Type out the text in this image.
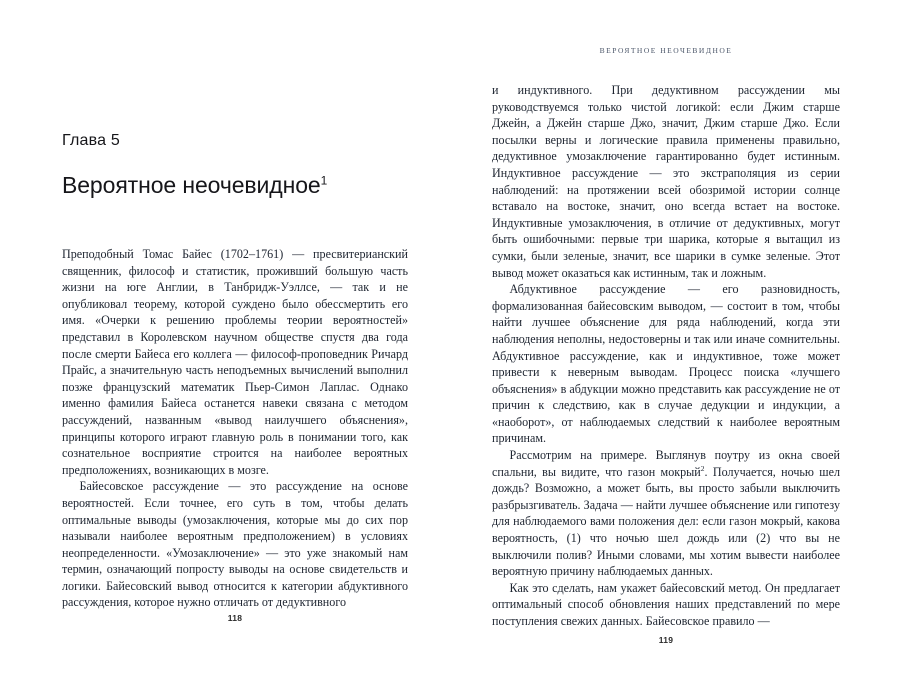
Глава 5
Вероятное неочевидное$^1$

Преподобный Томас Байес (1702–1761) — пресвитерианский священник, философ и статистик, проживший большую часть жизни на юге Англии, в Танбридж-Уэллсе, — так и не опубликовал теорему, которой суждено было обессмертить его имя. «Очерки к решению проблемы теории вероятностей» представил в Королевском научном обществе спустя два года после смерти Байеса его коллега — философ-проповедник Ричард Прайс, а значительную часть неподъемных вычислений выполнил позже французский математик Пьер-Симон Лаплас. Однако именно фамилия Байеса останется навеки связана с методом рассуждений, названным «вывод наилучшего объяснения», принципы которого играют главную роль в понимании того, как сознательное восприятие строится на наиболее вероятных предположениях, возникающих в мозге.

Байесовское рассуждение — это рассуждение на основе вероятностей. Если точнее, его суть в том, чтобы делать оптимальные выводы (умозаключения, которые мы до сих пор называли наиболее вероятным предположением) в условиях неопределенности. «Умозаключение» — это уже знакомый нам термин, означающий попросту выводы на основе свидетельств и логики. Байесовский вывод относится к категории абдуктивного рассуждения, которое нужно отличать от дедуктивного

118
ВЕРОЯТНОЕ НЕОЧЕВИДНОЕ

и индуктивного. При дедуктивном рассуждении мы руководствуемся только чистой логикой: если Джим старше Джейн, а Джейн старше Джо, значит, Джим старше Джо. Если посылки верны и логические правила применены правильно, дедуктивное умозаключение гарантированно будет истинным. Индуктивное рассуждение — это экстраполяция из серии наблюдений: на протяжении всей обозримой истории солнце вставало на востоке, значит, оно всегда встает на востоке. Индуктивные умозаключения, в отличие от дедуктивных, могут быть ошибочными: первые три шарика, которые я вытащил из сумки, были зеленые, значит, все шарики в сумке зеленые. Этот вывод может оказаться как истинным, так и ложным.

Абдуктивное рассуждение — его разновидность, формализованная байесовским выводом, — состоит в том, чтобы найти лучшее объяснение для ряда наблюдений, когда эти наблюдения неполны, недостоверны и так или иначе сомнительны. Абдуктивное рассуждение, как и индуктивное, тоже может привести к неверным выводам. Процесс поиска «лучшего объяснения» в абдукции можно представить как рассуждение не от причин к следствию, как в случае дедукции и индукции, а «наоборот», от наблюдаемых следствий к наиболее вероятным причинам.

Рассмотрим на примере. Выглянув поутру из окна своей спальни, вы видите, что газон мокрый$^2$. Получается, ночью шел дождь? Возможно, а может быть, вы просто забыли выключить разбрызгиватель. Задача — найти лучшее объяснение или гипотезу для наблюдаемого вами положения дел: если газон мокрый, какова вероятность, (1) что ночью шел дождь или (2) что вы не выключили полив? Иными словами, мы хотим вывести наиболее вероятную причину наблюдаемых данных.

Как это сделать, нам укажет байесовский метод. Он предлагает оптимальный способ обновления наших представлений по мере поступления свежих данных. Байесовское правило —

119
